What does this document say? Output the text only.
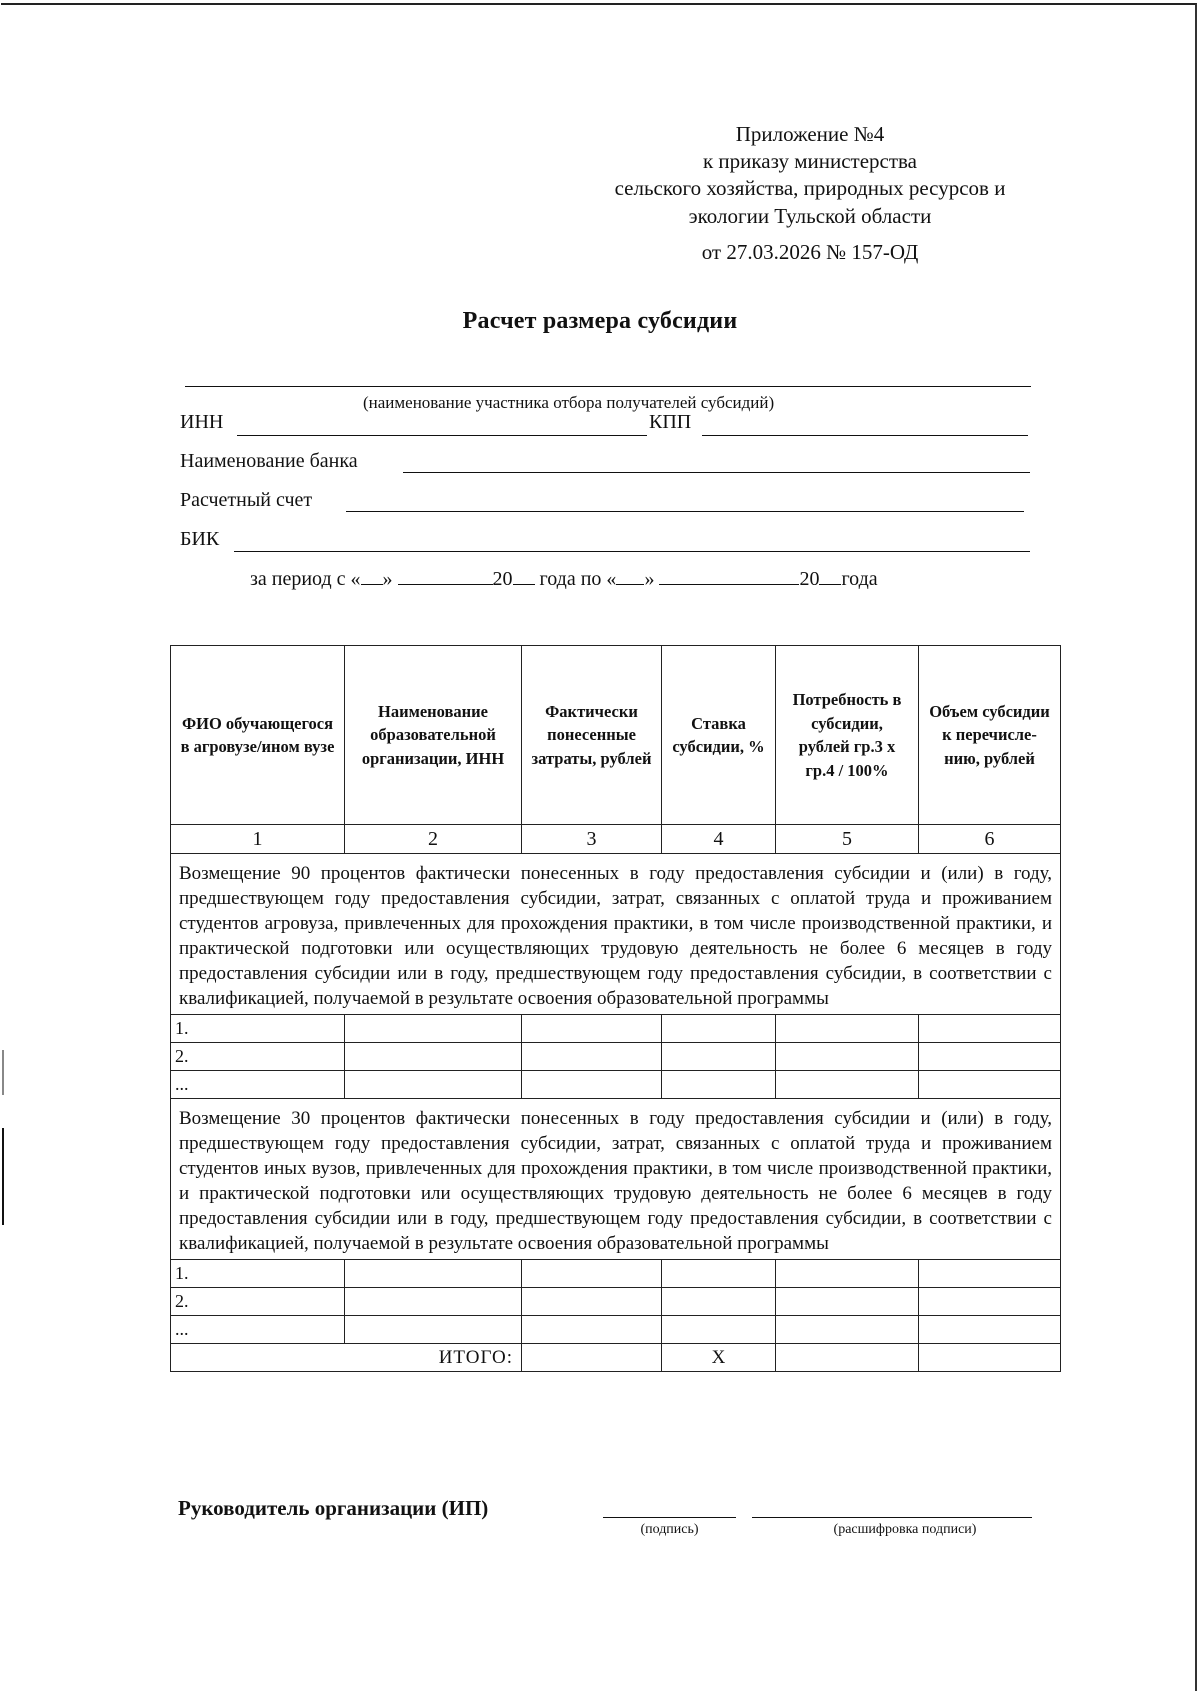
Приложение №4
к приказу министерства
сельского хозяйства, природных ресурсов и
экологии Тульской области
от 27.03.2026 № 157-ОД
Расчет размера субсидии
(наименование участника отбора получателей субсидий)
ИНН	КПП
Наименование банка
Расчетный счет
БИК
за период с « »	20 года по « »	20 года
ФИО обучающегося в агровузе/ином вузе	Наименование образовательной организации, ИНН	Фактически понесенные затраты, рублей	Ставка субсидии, %	Потребность в субсидии, рублей гр.3 х гр.4 / 100%	Объем субсидии к перечисле-нию, рублей
1	2	3	4	5	6
Возмещение 90 процентов фактически понесенных в году предоставления субсидии и (или) в году, предшествующем году предоставления субсидии, затрат, связанных с оплатой труда и проживанием студентов агровуза, привлеченных для прохождения практики, в том числе производственной практики, и практической подготовки или осуществляющих трудовую деятельность не более 6 месяцев в году предоставления субсидии или в году, предшествующем году предоставления субсидии, в соответствии с квалификацией, получаемой в результате освоения образовательной программы					
1.					
2.					
...					
Возмещение 30 процентов фактически понесенных в году предоставления субсидии и (или) в году, предшествующем году предоставления субсидии, затрат, связанных с оплатой труда и проживанием студентов иных вузов, привлеченных для прохождения практики, в том числе производственной практики, и практической подготовки или осуществляющих трудовую деятельность не более 6 месяцев в году предоставления субсидии или в году, предшествующем году предоставления субсидии, в соответствии с квалификацией, получаемой в результате освоения образовательной программы					
1.					
2.					
...					
ИТОГО:			Х		
Руководитель организации (ИП)
(подпись)	(расшифровка подписи)
